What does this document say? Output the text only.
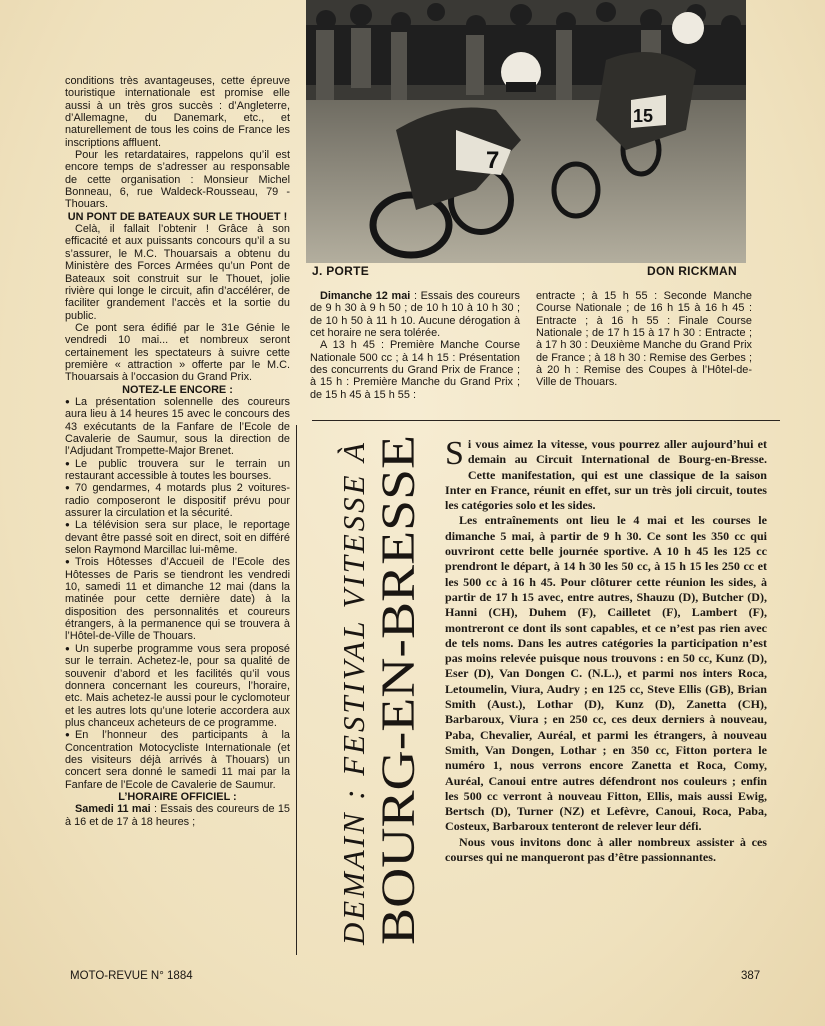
conditions très avantageuses, cette épreuve touristique internationale est promise elle aussi à un très gros succès : d’Angleterre, d’Allemagne, du Danemark, etc., et naturellement de tous les coins de France les inscriptions affluent.

Pour les retardataires, rappelons qu’il est encore temps de s’adresser au responsable de cette organisation : Monsieur Michel Bonneau, 6, rue Waldeck-Rousseau, 79 - Thouars.

UN PONT DE BATEAUX SUR LE THOUET !

Celà, il fallait l’obtenir ! Grâce à son efficacité et aux puissants concours qu’il a su s’assurer, le M.C. Thouarsais a obtenu du Ministère des Forces Armées qu’un Pont de Bateaux soit construit sur le Thouet, jolie rivière qui longe le circuit, afin d’accélérer, de faciliter grandement l’accès et la sortie du public.

Ce pont sera édifié par le 31e Génie le vendredi 10 mai... et nombreux seront certainement les spectateurs à suivre cette première « attraction » offerte par le M.C. Thouarsais à l’occasion du Grand Prix.

NOTEZ-LE ENCORE :

● La présentation solennelle des coureurs aura lieu à 14 heures 15 avec le concours des 43 exécutants de la Fanfare de l’Ecole de Cavalerie de Saumur, sous la direction de l’Adjudant Trompette-Major Brenet.

● Le public trouvera sur le terrain un restaurant accessible à toutes les bourses.

● 70 gendarmes, 4 motards plus 2 voitures-radio composeront le dispositif prévu pour assurer la circulation et la sécurité.

● La télévision sera sur place, le reportage devant être passé soit en direct, soit en différé selon Raymond Marcillac lui-même.

● Trois Hôtesses d’Accueil de l’Ecole des Hôtesses de Paris se tiendront les vendredi 10, samedi 11 et dimanche 12 mai (dans la matinée pour cette dernière date) à la disposition des personnalités et coureurs étrangers, à la permanence qui se trouvera à l’Hôtel-de-Ville de Thouars.

● Un superbe programme vous sera proposé sur le terrain. Achetez-le, pour sa qualité de souvenir d’abord et les facilités qu’il vous donnera concernant les coureurs, l’horaire, etc. Mais achetez-le aussi pour le cyclomoteur et les autres lots qu’une loterie accordera aux plus chanceux acheteurs de ce programme.

● En l’honneur des participants à la Concentration Motocycliste Internationale (et des visiteurs déjà arrivés à Thouars) un concert sera donné le samedi 11 mai par la Fanfare de l’Ecole de Cavalerie de Saumur.

L’HORAIRE OFFICIEL :

Samedi 11 mai : Essais des coureurs de 15 à 16 et de 17 à 18 heures ;

7
15
J. PORTE	DON RICKMAN

Dimanche 12 mai : Essais des coureurs de 9 h 30 à 9 h 50 ; de 10 h 10 à 10 h 30 ; de 10 h 50 à 11 h 10. Aucune dérogation à cet horaire ne sera tolérée.

A 13 h 45 : Première Manche Course Nationale 500 cc ; à 14 h 15 : Présentation des concurrents du Grand Prix de France ; à 15 h : Première Manche du Grand Prix ; de 15 h 45 à 15 h 55 :

entracte ; à 15 h 55 : Seconde Manche Course Nationale ; de 16 h 15 à 16 h 45 : Entracte ; à 16 h 55 : Finale Course Nationale ; de 17 h 15 à 17 h 30 : Entracte ; à 17 h 30 : Deuxième Manche du Grand Prix de France ; à 18 h 30 : Remise des Gerbes ; à 20 h : Remise des Coupes à l’Hôtel-de-Ville de Thouars.

DEMAIN : FESTIVAL VITESSE À BOURG-EN-BRESSE
S i vous aimez la vitesse, vous pourrez aller aujourd’hui et demain au Circuit International de Bourg-en-Bresse. Cette manifestation, qui est une classique de la saison Inter en France, réunit en effet, sur un très joli circuit, toutes les catégories solo et les sides.

Les entraînements ont lieu le 4 mai et les courses le dimanche 5 mai, à partir de 9 h 30. Ce sont les 350 cc qui ouvriront cette belle journée sportive. A 10 h 45 les 125 cc prendront le départ, à 14 h 30 les 50 cc, à 15 h 15 les 250 cc et les 500 cc à 16 h 45. Pour clôturer cette réunion les sides, à partir de 17 h 15 avec, entre autres, Shauzu (D), Butcher (D), Hanni (CH), Duhem (F), Cailletet (F), Lambert (F), montreront ce dont ils sont capables, et ce n’est pas rien avec de tels noms. Dans les autres catégories la participation n’est pas moins relevée puisque nous trouvons : en 50 cc, Kunz (D), Eser (D), Van Dongen C. (N.L.), et parmi nos inters Roca, Letoumelin, Viura, Audry ; en 125 cc, Steve Ellis (GB), Brian Smith (Aust.), Lothar (D), Kunz (D), Zanetta (CH), Barbaroux, Viura ; en 250 cc, ces deux derniers à nouveau, Paba, Chevalier, Auréal, et parmi les étrangers, à nouveau Smith, Van Dongen, Lothar ; en 350 cc, Fitton portera le numéro 1, nous verrons encore Zanetta et Roca, Comy, Auréal, Canoui entre autres défendront nos couleurs ; enfin les 500 cc verront à nouveau Fitton, Ellis, mais aussi Ewig, Bertsch (D), Turner (NZ) et Lefèvre, Canoui, Roca, Paba, Costeux, Barbaroux tenteront de relever leur défi.

Nous vous invitons donc à aller nombreux assister à ces courses qui ne manqueront pas d’être passionnantes.

MOTO-REVUE N° 1884	387
